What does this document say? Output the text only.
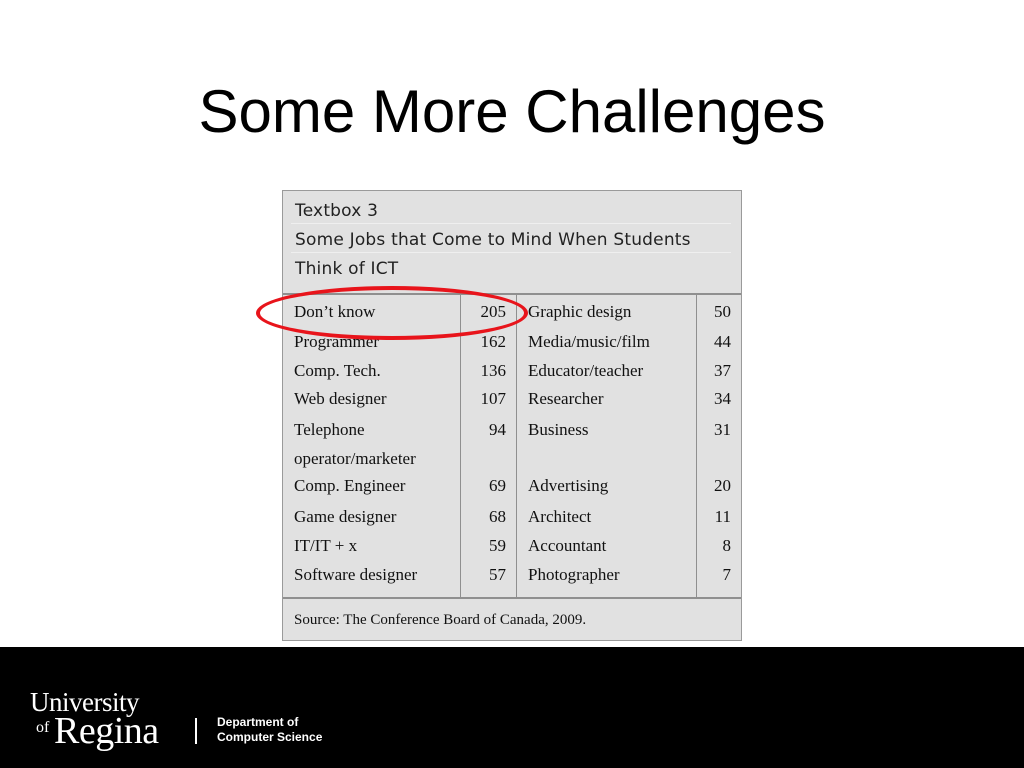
Some More Challenges
Textbox 3
Some Jobs that Come to Mind When Students
Think of ICT
Don’t know	205 Graphic design	50
Programmer	162 Media/music/film	44
Comp. Tech.	136 Educator/teacher	37
Web designer	107 Researcher	34
Telephone
operator/marketer
94 Business	31
Comp. Engineer	69 Advertising	20
Game designer	68 Architect	11
IT/IT + x	59 Accountant	8
Software designer	57 Photographer	7
Source: The Conference Board of Canada, 2009.
University
of Regina	Department of
Computer Science
